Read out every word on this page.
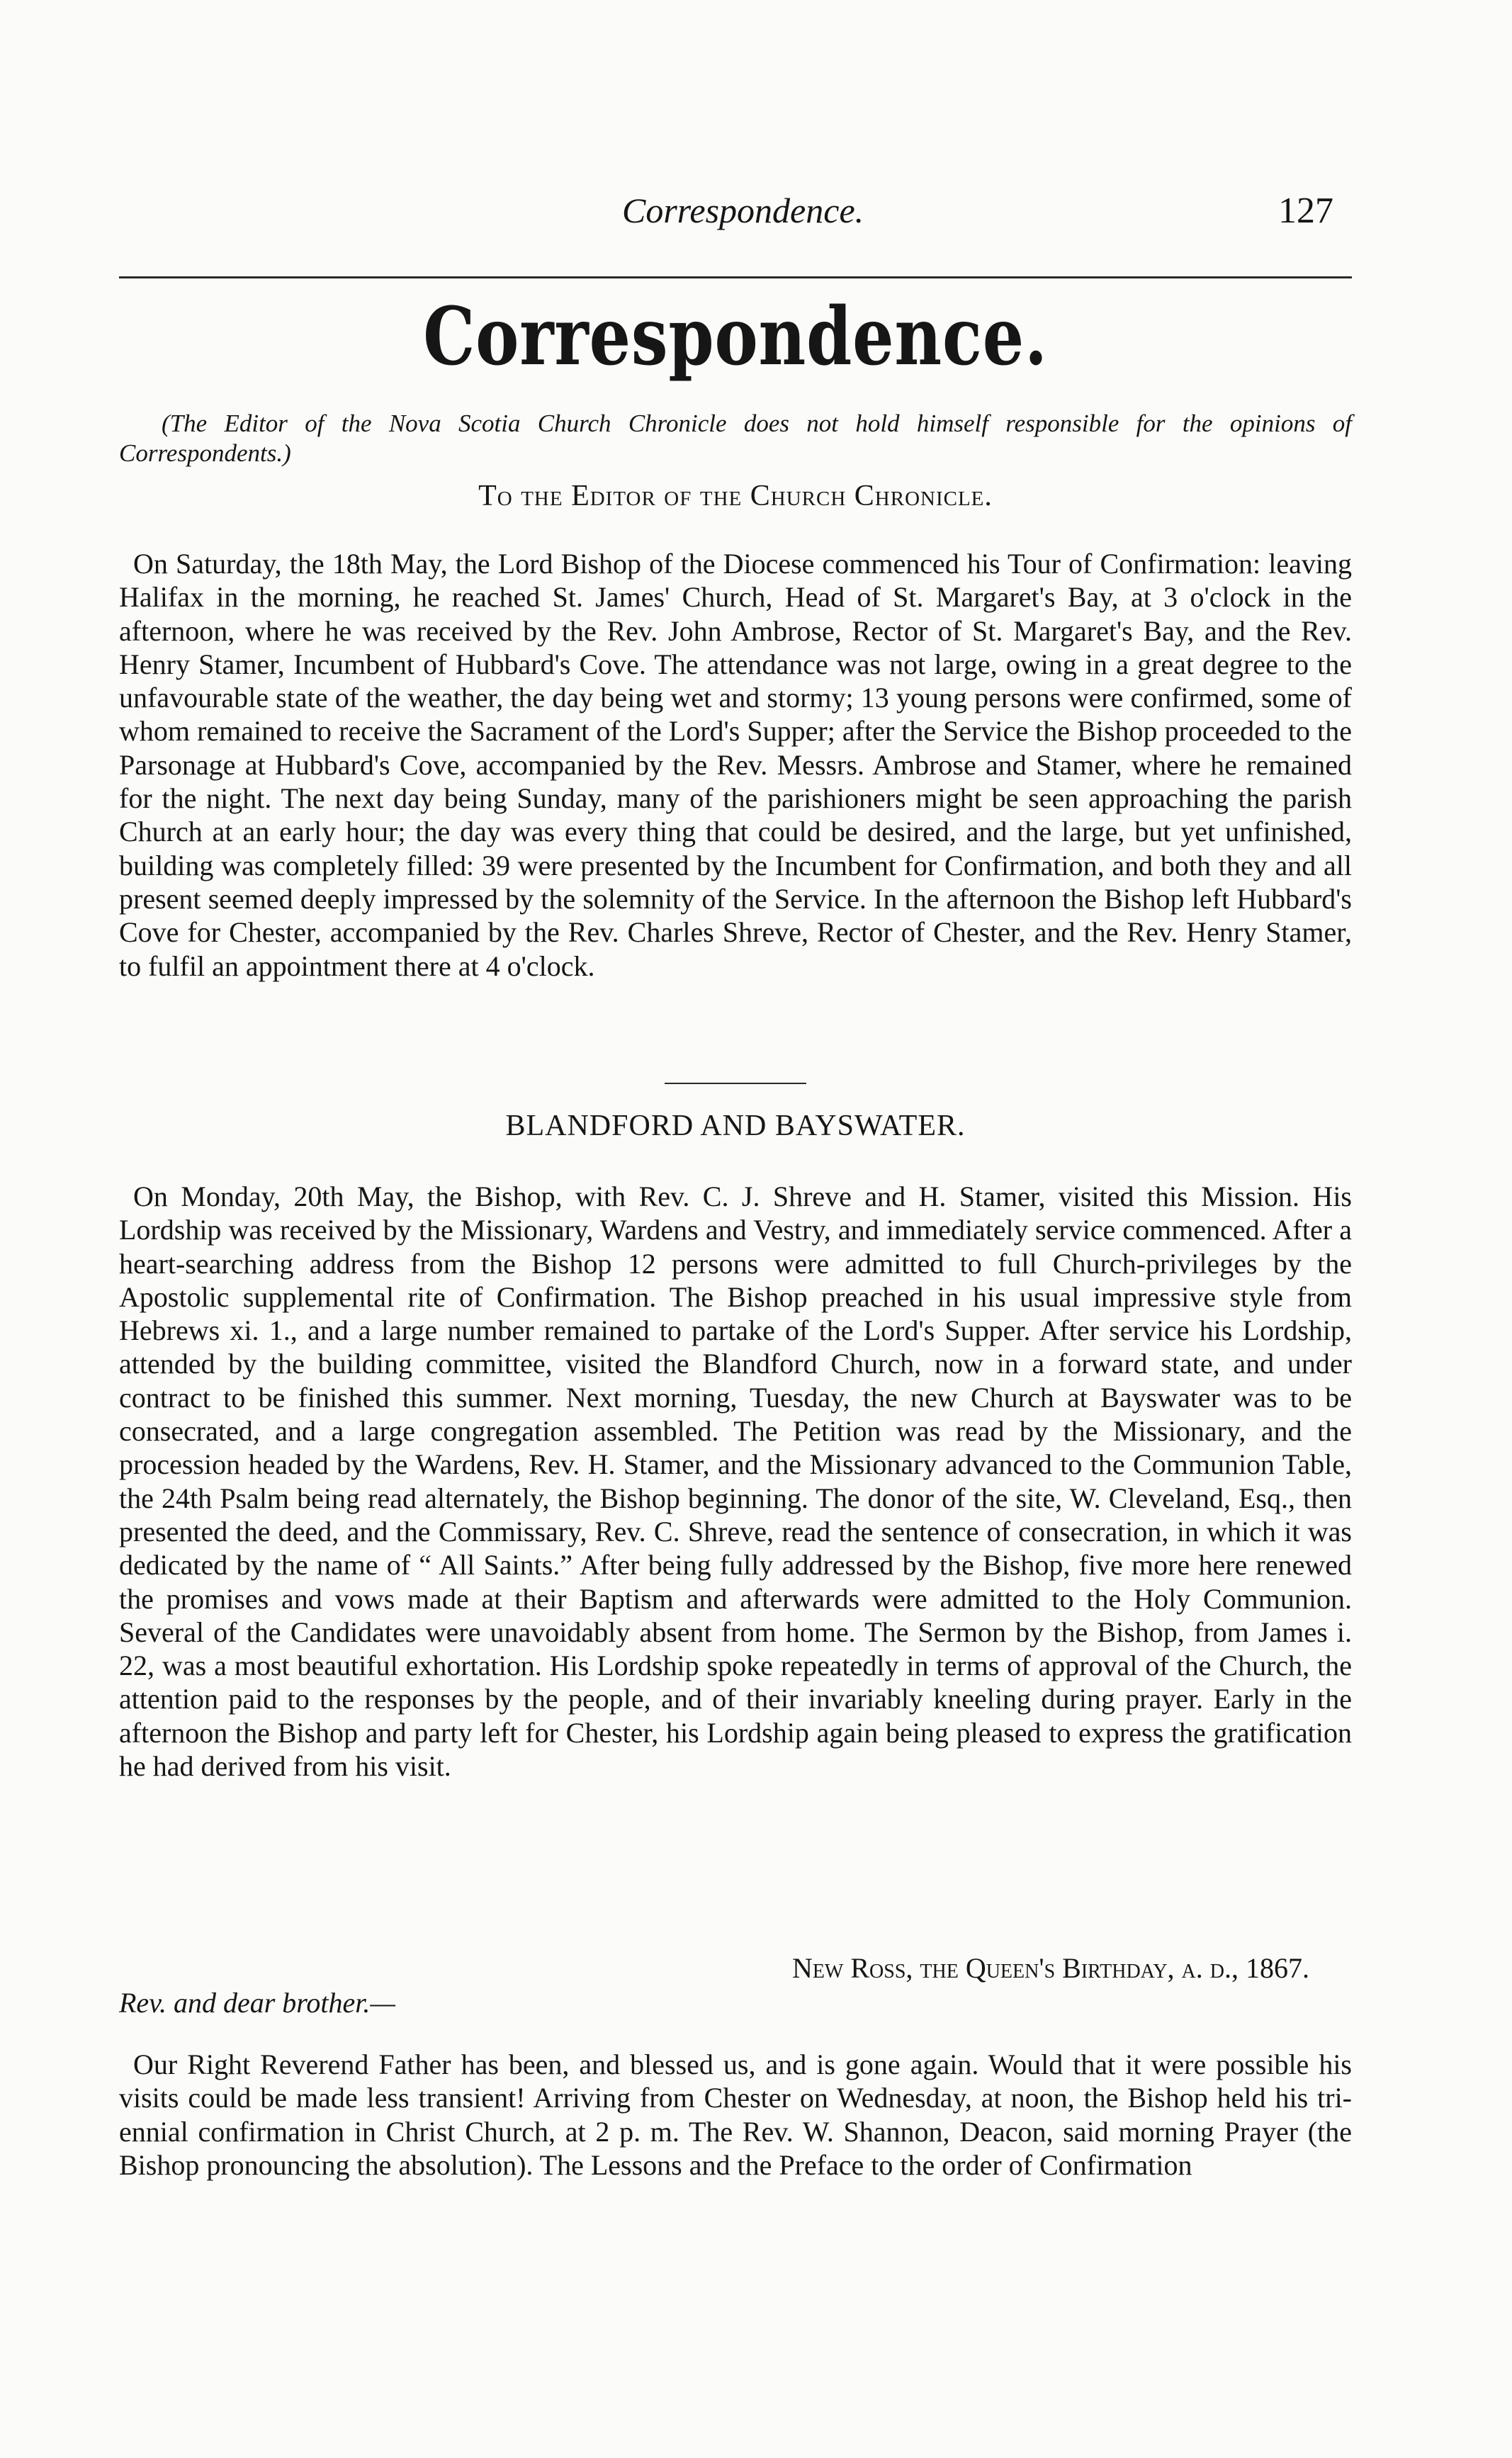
Correspondence.	127
Correspondence.
(The Editor of the Nova Scotia Church Chronicle does not hold himself responsible for the opinions of Correspondents.)
To the Editor of the Church Chronicle.

On Saturday, the 18th May, the Lord Bishop of the Diocese commenced his Tour of Confirmation: leaving Halifax in the morning, he reached St. James' Church, Head of St. Margaret's Bay, at 3 o'clock in the afternoon, where he was received by the Rev. John Ambrose, Rector of St. Margaret's Bay, and the Rev. Henry Stamer, Incumbent of Hubbard's Cove. The attendance was not large, owing in a great degree to the unfavourable state of the weather, the day being wet and stormy; 13 young persons were confirmed, some of whom remained to receive the Sacrament of the Lord's Supper; after the Service the Bishop proceeded to the Parsonage at Hubbard's Cove, accompanied by the Rev. Messrs. Ambrose and Stamer, where he remained for the night. The next day being Sunday, many of the parishioners might be seen approaching the parish Church at an early hour; the day was every thing that could be desired, and the large, but yet unfinished, building was completely filled: 39 were presented by the Incumbent for Confirmation, and both they and all present seemed deeply impressed by the solemnity of the Service. In the afternoon the Bishop left Hubbard's Cove for Chester, accompanied by the Rev. Charles Shreve, Rector of Chester, and the Rev. Henry Stamer, to fulfil an appointment there at 4 o'clock.

BLANDFORD AND BAYSWATER.

On Monday, 20th May, the Bishop, with Rev. C. J. Shreve and H. Stamer, visited this Mission. His Lordship was received by the Missionary, Wardens and Vestry, and immediately service commenced. After a heart-searching address from the Bishop 12 persons were admitted to full Church-privileges by the Apostolic supplemental rite of Confirmation. The Bishop preached in his usual impressive style from Hebrews xi. 1., and a large number remained to partake of the Lord's Supper. After service his Lordship, attended by the building committee, visited the Blandford Church, now in a forward state, and under contract to be finished this summer. Next morning, Tuesday, the new Church at Bayswater was to be consecrated, and a large congregation assembled. The Petition was read by the Missionary, and the procession headed by the Wardens, Rev. H. Stamer, and the Missionary advanced to the Communion Table, the 24th Psalm being read alternately, the Bishop beginning. The donor of the site, W. Cleveland, Esq., then presented the deed, and the Commissary, Rev. C. Shreve, read the sentence of consecration, in which it was dedicated by the name of “ All Saints.” After being fully addressed by the Bishop, five more here renewed the promises and vows made at their Baptism and afterwards were admitted to the Holy Communion. Several of the Candidates were unavoidably absent from home. The Sermon by the Bishop, from James i. 22, was a most beautiful exhortation. His Lordship spoke repeatedly in terms of approval of the Church, the attention paid to the responses by the people, and of their invariably kneeling during prayer. Early in the afternoon the Bishop and party left for Chester, his Lordship again being pleased to express the gratification he had derived from his visit.

New Ross, the Queen's Birthday, a. d., 1867.
Rev. and dear brother.—

Our Right Reverend Father has been, and blessed us, and is gone again. Would that it were possible his visits could be made less transient! Arriving from Chester on Wednesday, at noon, the Bishop held his tri-ennial confirmation in Christ Church, at 2 p. m. The Rev. W. Shannon, Deacon, said morning Prayer (the Bishop pronouncing the absolution). The Lessons and the Preface to the order of Confirmation
